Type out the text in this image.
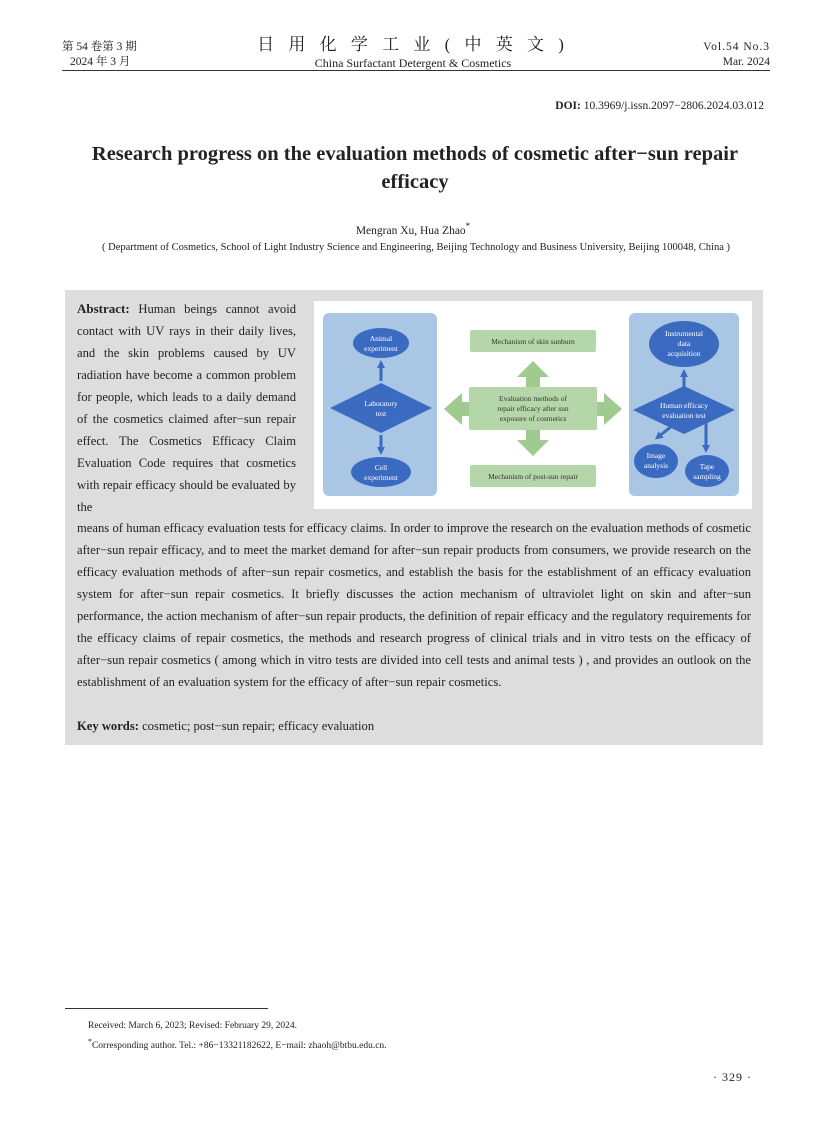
第 54 卷第 3 期
2024 年 3 月
日 用 化 学 工 业 ( 中 英 文 )
China Surfactant Detergent & Cosmetics
Vol.54 No.3
Mar. 2024
DOI: 10.3969/j.issn.2097−2806.2024.03.012
Research progress on the evaluation methods of cosmetic after−sun repair efficacy
Mengran Xu, Hua Zhao*
( Department of Cosmetics, School of Light Industry Science and Engineering, Beijing Technology and Business University, Beijing 100048, China )
Abstract: Human beings cannot avoid contact with UV rays in their daily lives, and the skin problems caused by UV radiation have become a common problem for people, which leads to a daily demand of the cosmetics claimed after−sun repair effect. The Cosmetics Efficacy Claim Evaluation Code requires that cosmetics with repair efficacy should be evaluated by the
Animal
experiment
Laboratory
test
Cell
experiment
Mechanism of skin sunburn
Evaluation methods of
repair efficacy after sun
exposure of cosmetics
Mechanism of post-sun repair
Instrumental
data
acquisition
Human efficacy
evaluation test
Image
analysis	Tape
sampling
means of human efficacy evaluation tests for efficacy claims. In order to improve the research on the evaluation methods of cosmetic after−sun repair efficacy, and to meet the market demand for after−sun repair products from consumers, we provide research on the efficacy evaluation methods of after−sun repair cosmetics, and establish the basis for the establishment of an efficacy evaluation system for after−sun repair cosmetics. It briefly discusses the action mechanism of ultraviolet light on skin and after−sun performance, the action mechanism of after−sun repair products, the definition of repair efficacy and the regulatory requirements for the efficacy claims of repair cosmetics, the methods and research progress of clinical trials and in vitro tests on the efficacy of after−sun repair cosmetics ( among which in vitro tests are divided into cell tests and animal tests ) , and provides an outlook on the establishment of an evaluation system for the efficacy of after−sun repair cosmetics.
Key words: cosmetic; post−sun repair; efficacy evaluation
Received: March 6, 2023; Revised: February 29, 2024.
*Corresponding author. Tel.: +86−13321182622, E−mail: zhaoh@btbu.edu.cn.
· 329 ·
